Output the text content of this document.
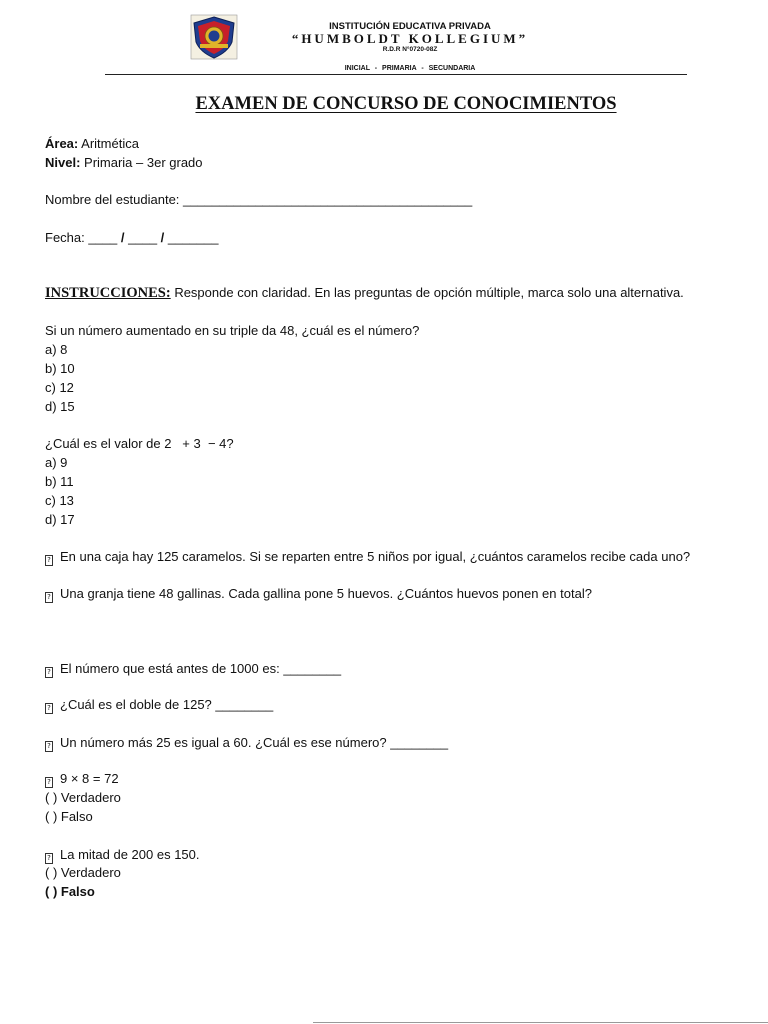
INSTITUCIÓN EDUCATIVA PRIVADA
“HUMBOLDT KOLLEGIUM”
R.D.R N°0720-08Z
INICIAL - PRIMARIA - SECUNDARIA
EXAMEN DE CONCURSO DE CONOCIMIENTOS
Área: Aritmética
Nivel: Primaria – 3er grado
Nombre del estudiante: ________________________________________
Fecha: ____ / ____ / _______
INSTRUCCIONES: Responde con claridad. En las preguntas de opción múltiple, marca solo una alternativa.
Si un número aumentado en su triple da 48, ¿cuál es el número?
a) 8
b) 10
c) 12
d) 15
¿Cuál es el valor de 2   + 3  − 4?
a) 9
b) 11
c) 13
d) 17
? En una caja hay 125 caramelos. Si se reparten entre 5 niños por igual, ¿cuántos caramelos recibe cada uno?
? Una granja tiene 48 gallinas. Cada gallina pone 5 huevos. ¿Cuántos huevos ponen en total?
? El número que está antes de 1000 es: ________
? ¿Cuál es el doble de 125? ________
? Un número más 25 es igual a 60. ¿Cuál es ese número? ________
? 9 × 8 = 72
( ) Verdadero
( ) Falso
? La mitad de 200 es 150.
( ) Verdadero
( ) Falso
